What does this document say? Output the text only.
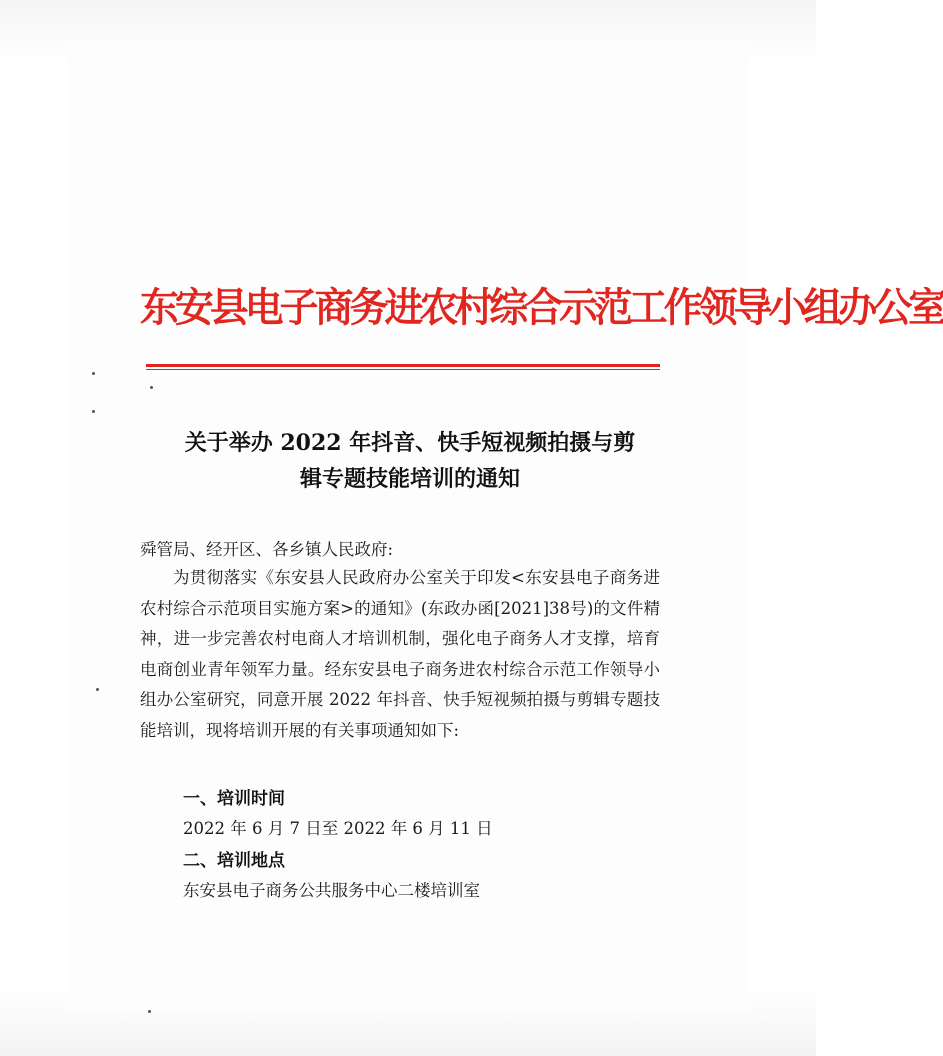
东安县电子商务进农村综合示范工作领导小组办公室
关于举办 2022 年抖音、快手短视频拍摄与剪
辑专题技能培训的通知
舜管局、经开区、各乡镇人民政府:
为贯彻落实《东安县人民政府办公室关于印发<东安县电子商务进农村综合示范项目实施方案>的通知》(东政办函[2021]38号)的文件精神，进一步完善农村电商人才培训机制，强化电子商务人才支撑，培育电商创业青年领军力量。经东安县电子商务进农村综合示范工作领导小组办公室研究，同意开展 2022 年抖音、快手短视频拍摄与剪辑专题技能培训，现将培训开展的有关事项通知如下:
一、培训时间
2022 年 6 月 7 日至 2022 年 6 月 11 日
二、培训地点
东安县电子商务公共服务中心二楼培训室
